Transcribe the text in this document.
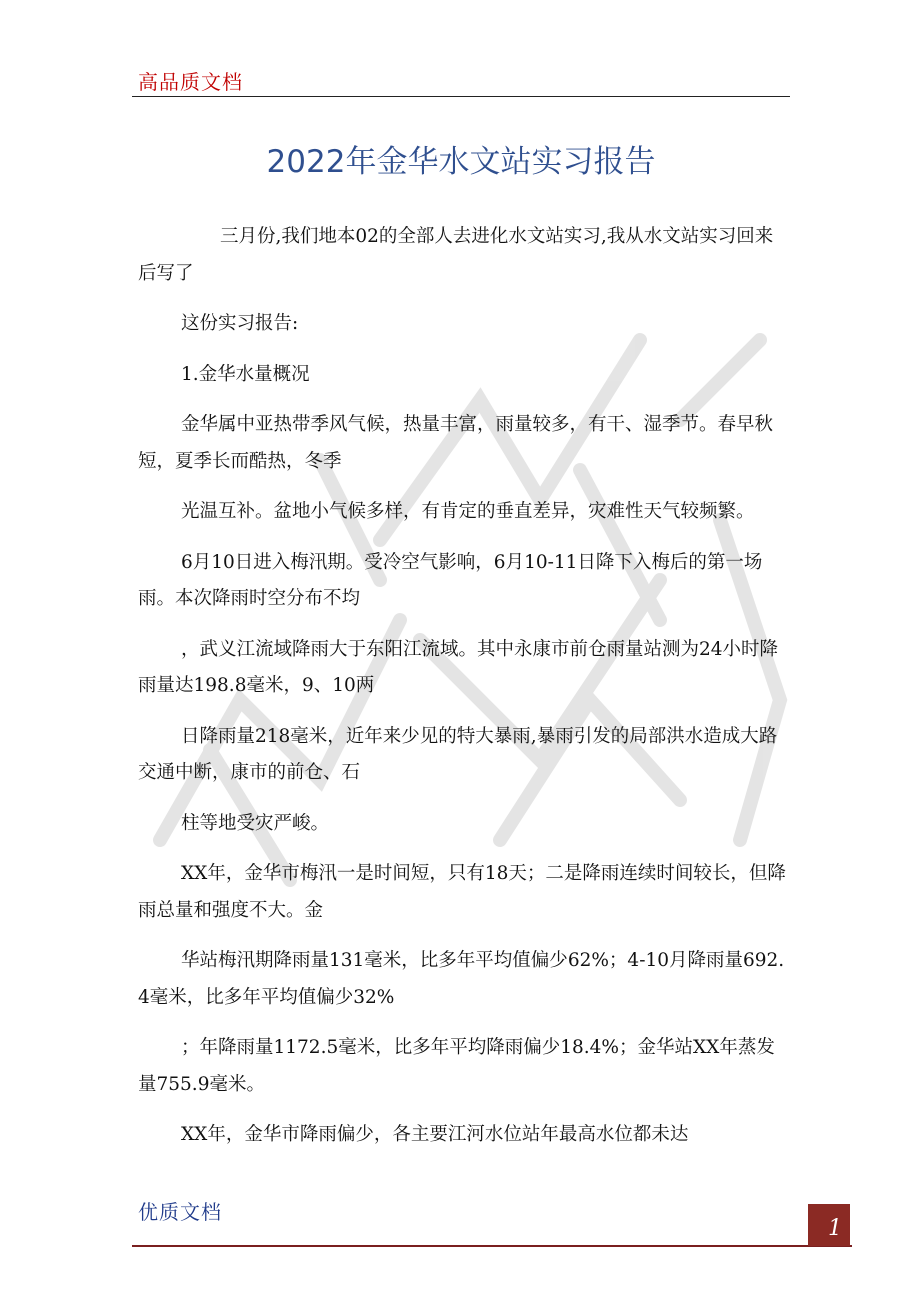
高品质文档
2022年金华水文站实习报告

三月份,我们地本02的全部人去进化水文站实习,我从水文站实习回来后写了

这份实习报告:

1.金华水量概况

金华属中亚热带季风气候，热量丰富，雨量较多，有干、湿季节。春早秋短，夏季长而酷热，冬季

光温互补。盆地小气候多样，有肯定的垂直差异，灾难性天气较频繁。

6月10日进入梅汛期。受冷空气影响，6月10-11日降下入梅后的第一场雨。本次降雨时空分布不均

，武义江流域降雨大于东阳江流域。其中永康市前仓雨量站测为24小时降雨量达198.8毫米，9、10两

日降雨量218毫米，近年来少见的特大暴雨,暴雨引发的局部洪水造成大路交通中断，康市的前仓、石

柱等地受灾严峻。

XX年，金华市梅汛一是时间短，只有18天；二是降雨连续时间较长，但降雨总量和强度不大。金

华站梅汛期降雨量131毫米，比多年平均值偏少62%；4-10月降雨量692.4毫米，比多年平均值偏少32%

；年降雨量1172.5毫米，比多年平均降雨偏少18.4%；金华站XX年蒸发量755.9毫米。

XX年，金华市降雨偏少，各主要江河水位站年最高水位都未达

优质文档
1
